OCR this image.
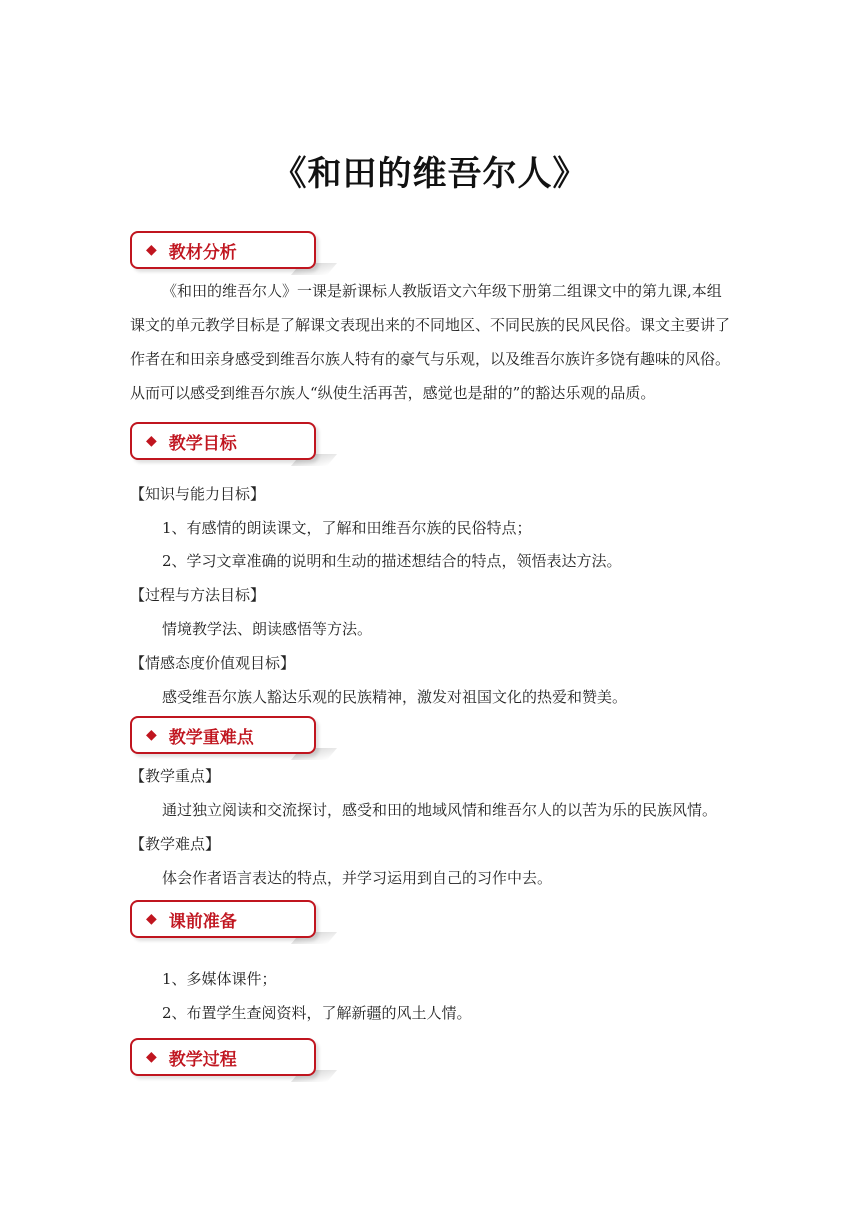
《和田的维吾尔人》
◆ 教材分析
《和田的维吾尔人》一课是新课标人教版语文六年级下册第二组课文中的第九课,本组
课文的单元教学目标是了解课文表现出来的不同地区、不同民族的民风民俗。课文主要讲了
作者在和田亲身感受到维吾尔族人特有的豪气与乐观，以及维吾尔族许多饶有趣味的风俗。
从而可以感受到维吾尔族人“纵使生活再苦，感觉也是甜的”的豁达乐观的品质。
◆ 教学目标
【知识与能力目标】
1、有感情的朗读课文，了解和田维吾尔族的民俗特点；
2、学习文章准确的说明和生动的描述想结合的特点，领悟表达方法。
【过程与方法目标】
情境教学法、朗读感悟等方法。
【情感态度价值观目标】
感受维吾尔族人豁达乐观的民族精神，激发对祖国文化的热爱和赞美。
◆ 教学重难点
【教学重点】
通过独立阅读和交流探讨，感受和田的地域风情和维吾尔人的以苦为乐的民族风情。
【教学难点】
体会作者语言表达的特点，并学习运用到自己的习作中去。
◆ 课前准备
1、多媒体课件；
2、布置学生查阅资料，了解新疆的风土人情。
◆ 教学过程
